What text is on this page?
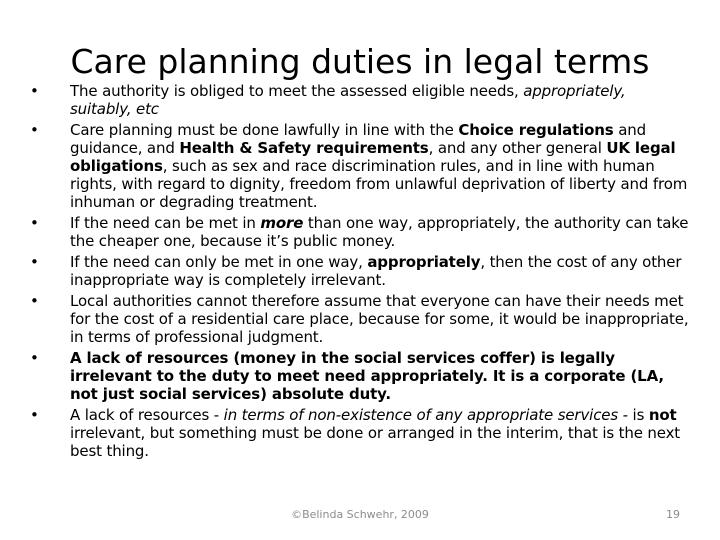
Care planning duties in legal terms
• The authority is obliged to meet the assessed eligible needs, appropriately, suitably, etc
• Care planning must be done lawfully in line with the Choice regulations and guidance, and Health & Safety requirements, and any other general UK legal obligations, such as sex and race discrimination rules, and in line with human rights, with regard to dignity, freedom from unlawful deprivation of liberty and from inhuman or degrading treatment.
• If the need can be met in more than one way, appropriately, the authority can take the cheaper one, because it’s public money.
• If the need can only be met in one way, appropriately, then the cost of any other inappropriate way is completely irrelevant.
• Local authorities cannot therefore assume that everyone can have their needs met for the cost of a residential care place, because for some, it would be inappropriate, in terms of professional judgment.
• A lack of resources (money in the social services coffer) is legally irrelevant to the duty to meet need appropriately. It is a corporate (LA, not just social services) absolute duty.
• A lack of resources - in terms of non-existence of any appropriate services - is not irrelevant, but something must be done or arranged in the interim, that is the next best thing.
©Belinda Schwehr, 2009	19
